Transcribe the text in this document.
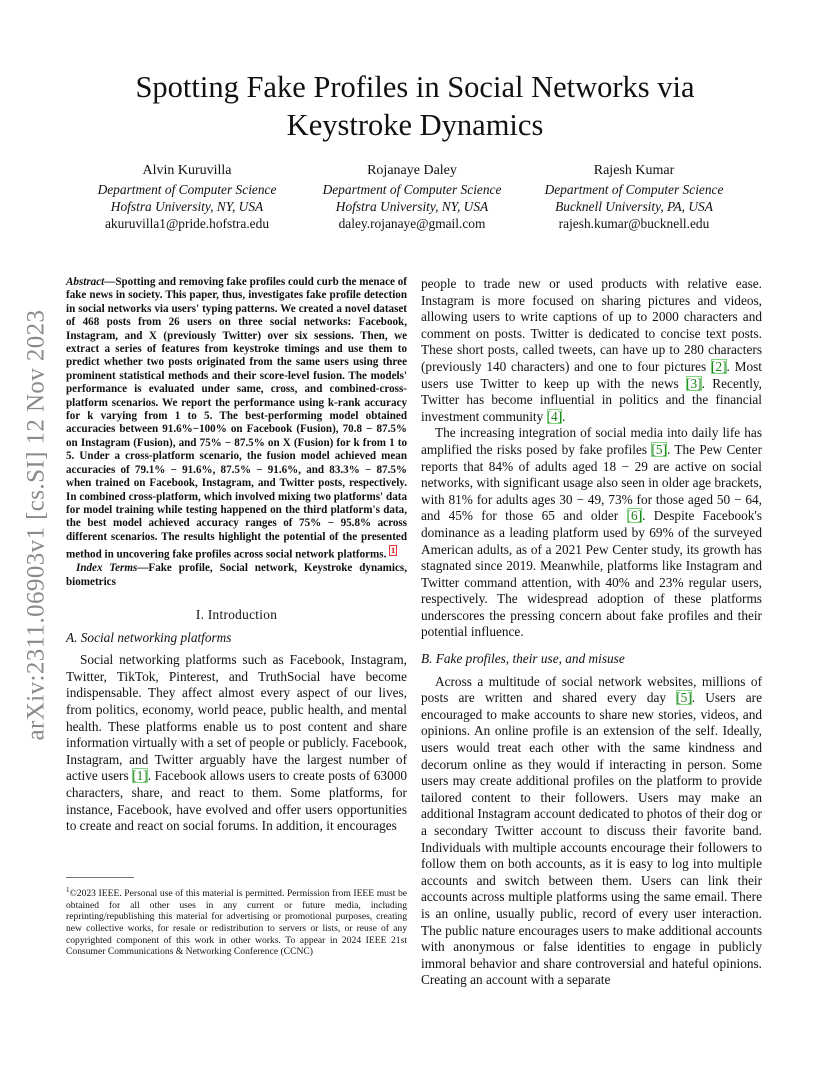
arXiv:2311.06903v1 [cs.SI] 12 Nov 2023
Spotting Fake Profiles in Social Networks via Keystroke Dynamics
Alvin Kuruvilla
Department of Computer Science
Hofstra University, NY, USA
akuruvilla1@pride.hofstra.edu
Rojanaye Daley
Department of Computer Science
Hofstra University, NY, USA
daley.rojanaye@gmail.com
Rajesh Kumar
Department of Computer Science
Bucknell University, PA, USA
rajesh.kumar@bucknell.edu

Abstract—Spotting and removing fake profiles could curb the menace of fake news in society. This paper, thus, investigates fake profile detection in social networks via users' typing patterns. We created a novel dataset of 468 posts from 26 users on three social networks: Facebook, Instagram, and X (previously Twitter) over six sessions. Then, we extract a series of features from keystroke timings and use them to predict whether two posts originated from the same users using three prominent statistical methods and their score-level fusion. The models' performance is evaluated under same, cross, and combined-cross-platform scenarios. We report the performance using k-rank accuracy for k varying from 1 to 5. The best-performing model obtained accuracies between 91.6%−100% on Facebook (Fusion), 70.8 − 87.5% on Instagram (Fusion), and 75% − 87.5% on X (Fusion) for k from 1 to 5. Under a cross-platform scenario, the fusion model achieved mean accuracies of 79.1% − 91.6%, 87.5% − 91.6%, and 83.3% − 87.5% when trained on Facebook, Instagram, and Twitter posts, respectively. In combined cross-platform, which involved mixing two platforms' data for model training while testing happened on the third platform's data, the best model achieved accuracy ranges of 75% − 95.8% across different scenarios. The results highlight the potential of the presented method in uncovering fake profiles across social network platforms. $^1$

Index Terms—Fake profile, Social network, Keystroke dynamics, biometrics

I. Introduction
A. Social networking platforms

Social networking platforms such as Facebook, Instagram, Twitter, TikTok, Pinterest, and TruthSocial have become indispensable. They affect almost every aspect of our lives, from politics, economy, world peace, public health, and mental health. These platforms enable us to post content and share information virtually with a set of people or publicly. Facebook, Instagram, and Twitter arguably have the largest number of active users [ 1 ] . Facebook allows users to create posts of 63000 characters, share, and react to them. Some platforms, for instance, Facebook, have evolved and offer users opportunities to create and react on social forums. In addition, it encourages

$^1$©2023 IEEE. Personal use of this material is permitted. Permission from IEEE must be obtained for all other uses in any current or future media, including reprinting/republishing this material for advertising or promotional purposes, creating new collective works, for resale or redistribution to servers or lists, or reuse of any copyrighted component of this work in other works. To appear in 2024 IEEE 21st Consumer Communications & Networking Conference (CCNC)

people to trade new or used products with relative ease. Instagram is more focused on sharing pictures and videos, allowing users to write captions of up to 2000 characters and comment on posts. Twitter is dedicated to concise text posts. These short posts, called tweets, can have up to 280 characters (previously 140 characters) and one to four pictures [ 2 ] . Most users use Twitter to keep up with the news [ 3 ] . Recently, Twitter has become influential in politics and the financial investment community [ 4 ] .

The increasing integration of social media into daily life has amplified the risks posed by fake profiles [ 5 ] . The Pew Center reports that 84% of adults aged 18 − 29 are active on social networks, with significant usage also seen in older age brackets, with 81% for adults ages 30 − 49, 73% for those aged 50 − 64, and 45% for those 65 and older [ 6 ] . Despite Facebook's dominance as a leading platform used by 69% of the surveyed American adults, as of a 2021 Pew Center study, its growth has stagnated since 2019. Meanwhile, platforms like Instagram and Twitter command attention, with 40% and 23% regular users, respectively. The widespread adoption of these platforms underscores the pressing concern about fake profiles and their potential influence.

B. Fake profiles, their use, and misuse

Across a multitude of social network websites, millions of posts are written and shared every day [ 5 ] . Users are encouraged to make accounts to share new stories, videos, and opinions. An online profile is an extension of the self. Ideally, users would treat each other with the same kindness and decorum online as they would if interacting in person. Some users may create additional profiles on the platform to provide tailored content to their followers. Users may make an additional Instagram account dedicated to photos of their dog or a secondary Twitter account to discuss their favorite band. Individuals with multiple accounts encourage their followers to follow them on both accounts, as it is easy to log into multiple accounts and switch between them. Users can link their accounts across multiple platforms using the same email. There is an online, usually public, record of every user interaction. The public nature encourages users to make additional accounts with anonymous or false identities to engage in publicly immoral behavior and share controversial and hateful opinions. Creating an account with a separate
